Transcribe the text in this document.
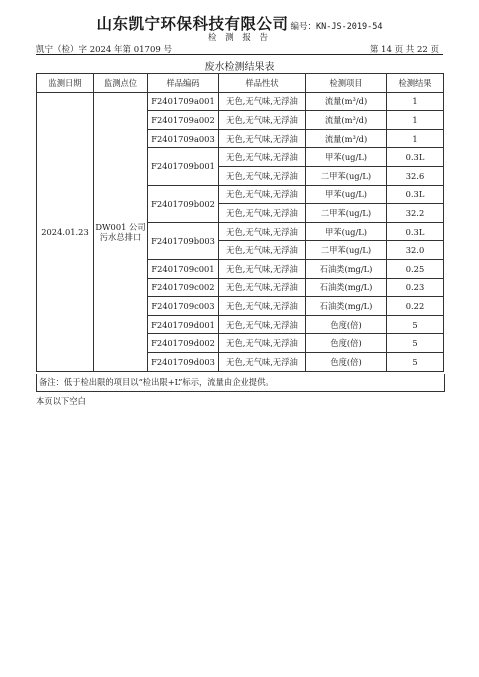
山东凯宁环保科技有限公司 编号：KN-JS-2019-54
检 测 报 告
凯宁（检）字 2024 年第 01709 号	第 14 页 共 22 页
废水检测结果表
监测日期	监测点位	样品编码	样品性状	检测项目	检测结果
2024.01.23	DW001 公司污水总排口	F2401709a001	无色,无气味,无浮油	流量(m³/d)	1
		F2401709a002	无色,无气味,无浮油	流量(m³/d)	1
		F2401709a003	无色,无气味,无浮油	流量(m³/d)	1
		F2401709b001	无色,无气味,无浮油	甲苯(ug/L)	0.3L
			无色,无气味,无浮油	二甲苯(ug/L)	32.6
		F2401709b002	无色,无气味,无浮油	甲苯(ug/L)	0.3L
			无色,无气味,无浮油	二甲苯(ug/L)	32.2
		F2401709b003	无色,无气味,无浮油	甲苯(ug/L)	0.3L
			无色,无气味,无浮油	二甲苯(ug/L)	32.0
		F2401709c001	无色,无气味,无浮油	石油类(mg/L)	0.25
		F2401709c002	无色,无气味,无浮油	石油类(mg/L)	0.23
		F2401709c003	无色,无气味,无浮油	石油类(mg/L)	0.22
		F2401709d001	无色,无气味,无浮油	色度(倍)	5
		F2401709d002	无色,无气味,无浮油	色度(倍)	5
		F2401709d003	无色,无气味,无浮油	色度(倍)	5
备注：低于检出限的项目以“检出限+L”标示，流量由企业提供。
本页以下空白
